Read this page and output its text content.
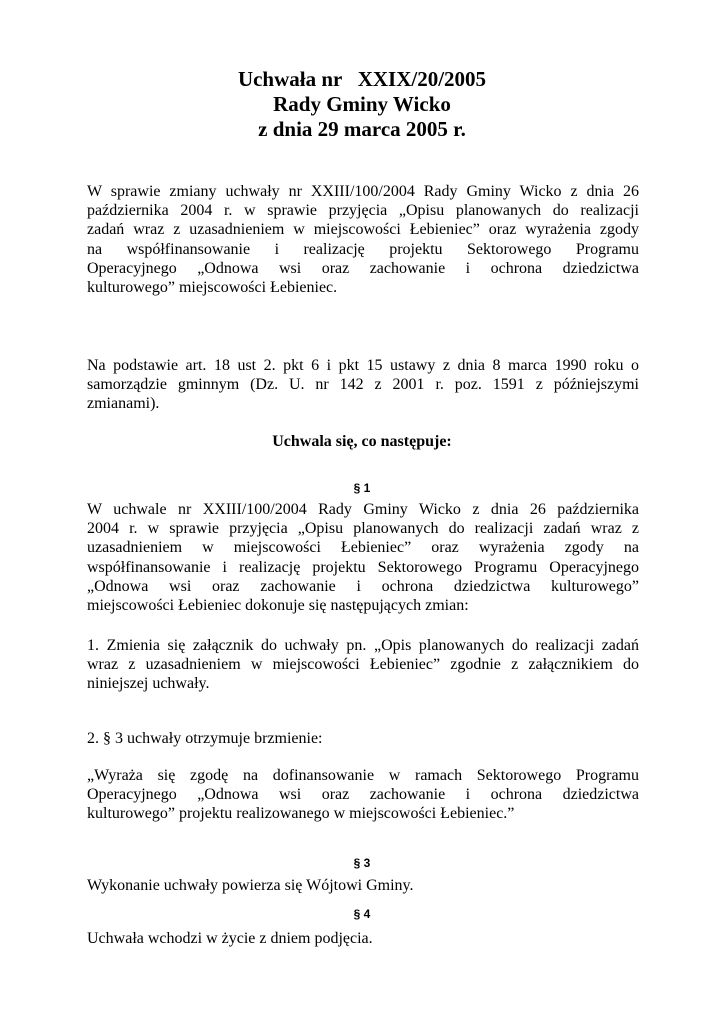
Uchwała nr   XXIX/20/2005
Rady Gminy Wicko
z dnia 29 marca 2005 r.
W sprawie zmiany uchwały nr XXIII/100/2004 Rady Gminy Wicko z dnia 26
października 2004 r. w sprawie przyjęcia „Opisu planowanych do realizacji
zadań wraz z uzasadnieniem w miejscowości Łebieniec” oraz wyrażenia zgody
na współfinansowanie i realizację projektu Sektorowego Programu
Operacyjnego „Odnowa wsi oraz zachowanie i ochrona dziedzictwa
kulturowego” miejscowości Łebieniec.
Na podstawie art. 18 ust 2. pkt 6 i pkt 15 ustawy z dnia 8 marca 1990 roku o
samorządzie gminnym (Dz. U. nr 142 z 2001 r. poz. 1591 z późniejszymi
zmianami).
Uchwala się, co następuje:
§ 1
W uchwale nr XXIII/100/2004 Rady Gminy Wicko z dnia 26 października
2004 r. w sprawie przyjęcia „Opisu planowanych do realizacji zadań wraz z
uzasadnieniem w miejscowości Łebieniec” oraz wyrażenia zgody na
współfinansowanie i realizację projektu Sektorowego Programu Operacyjnego
„Odnowa wsi oraz zachowanie i ochrona dziedzictwa kulturowego”
miejscowości Łebieniec dokonuje się następujących zmian:
1. Zmienia się załącznik do uchwały pn. „Opis planowanych do realizacji zadań
wraz z uzasadnieniem w miejscowości Łebieniec” zgodnie z załącznikiem do
niniejszej uchwały.
2. § 3 uchwały otrzymuje brzmienie:
„Wyraża się zgodę na dofinansowanie w ramach Sektorowego Programu
Operacyjnego „Odnowa wsi oraz zachowanie i ochrona dziedzictwa
kulturowego” projektu realizowanego w miejscowości Łebieniec.”
§ 3
Wykonanie uchwały powierza się Wójtowi Gminy.
§ 4
Uchwała wchodzi w życie z dniem podjęcia.
